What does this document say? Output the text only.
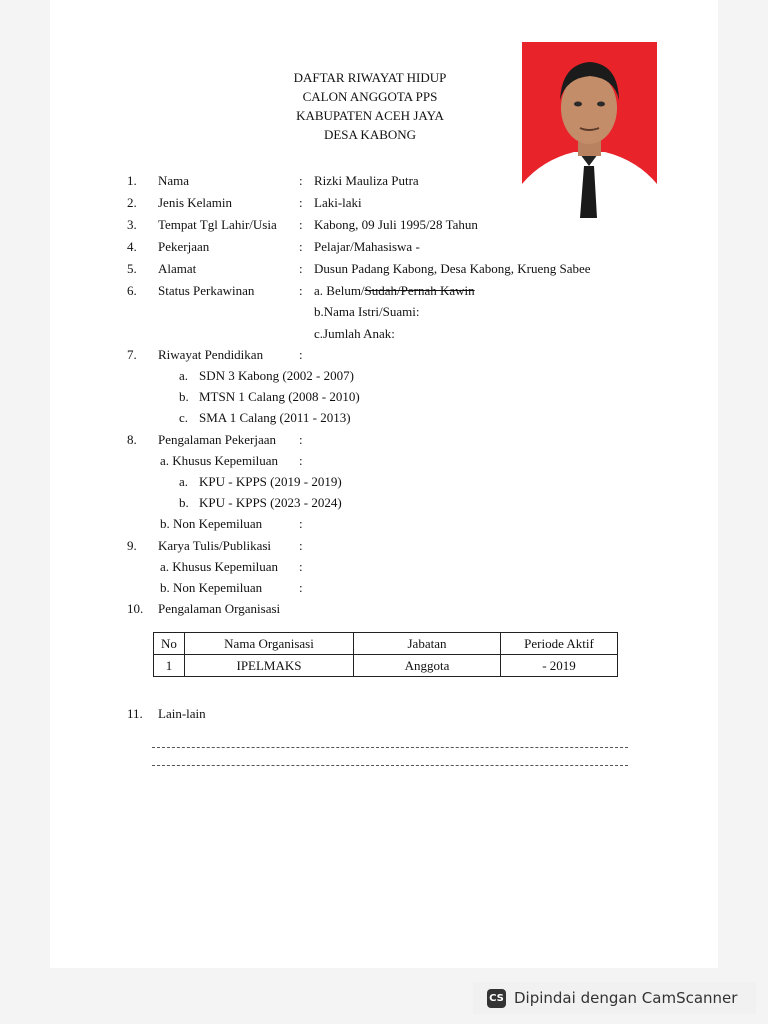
DAFTAR RIWAYAT HIDUP
CALON ANGGOTA PPS
KABUPATEN ACEH JAYA
DESA KABONG
1. Nama	: Rizki Mauliza Putra
2. Jenis Kelamin	: Laki-laki
3. Tempat Tgl Lahir/Usia : Kabong, 09 Juli 1995/28 Tahun
4. Pekerjaan	: Pelajar/Mahasiswa -
5. Alamat	: Dusun Padang Kabong, Desa Kabong, Krueng Sabee
6. Status Perkawinan	: a. Belum/Sudah/Pernah Kawin
b.Nama Istri/Suami:
c.Jumlah Anak:
7. Riwayat Pendidikan	:
a. SDN 3 Kabong (2002 - 2007)
b. MTSN 1 Calang (2008 - 2010)
c. SMA 1 Calang (2011 - 2013)
8. Pengalaman Pekerjaan :
a. Khusus Kepemiluan :
a. KPU - KPPS (2019 - 2019)
b. KPU - KPPS (2023 - 2024)
b. Non Kepemiluan	:
9. Karya Tulis/Publikasi :
a. Khusus Kepemiluan :
b. Non Kepemiluan	:
10. Pengalaman Organisasi
No	Nama Organisasi	Jabatan	Periode Aktif
1	IPELMAKS	Anggota	- 2019
11. Lain-lain
CS Dipindai dengan CamScanner
